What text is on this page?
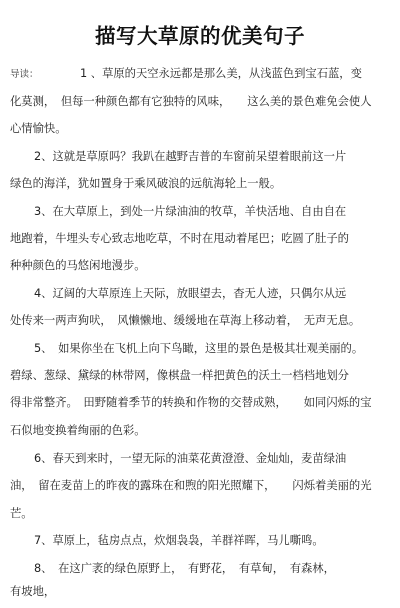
描写大草原的优美句子
导读：	1 、草原的天空永远都是那么美，从浅蓝色到宝石蓝，变
化莫测，　但每一种颜色都有它独特的风味，　　这么美的景色难免会使人
心情愉快。
2、这就是草原吗？我趴在越野吉普的车窗前呆望着眼前这一片
绿色的海洋，犹如置身于乘风破浪的远航海轮上一般。
3、在大草原上，到处一片绿油油的牧草，羊快活地、自由自在
地跑着，牛埋头专心致志地吃草，不时在甩动着尾巴；吃圆了肚子的
种种颜色的马悠闲地漫步。
4、辽阔的大草原连上天际，放眼望去，杳无人迹，只偶尔从远
处传来一两声狗吠，　风懒懒地、缓缓地在草海上移动着，　无声无息。
5、　如果你坐在飞机上向下鸟瞰，这里的景色是极其壮观美丽的。
碧绿、葱绿、黛绿的林带网，像棋盘一样把黄色的沃土一档档地划分
得非常整齐。　田野随着季节的转换和作物的交替成熟，　　如同闪烁的宝
石似地变换着绚丽的色彩。
6、春天到来时，一望无际的油菜花黄澄澄、金灿灿，麦苗绿油
油，　留在麦苗上的昨夜的露珠在和煦的阳光照耀下，　　闪烁着美丽的光
芒。
7、草原上，毡房点点，炊烟袅袅，羊群祥晖，马儿嘶鸣。
8、　在这广袤的绿色原野上，　有野花，　有草甸，　有森林，
有坡地，
